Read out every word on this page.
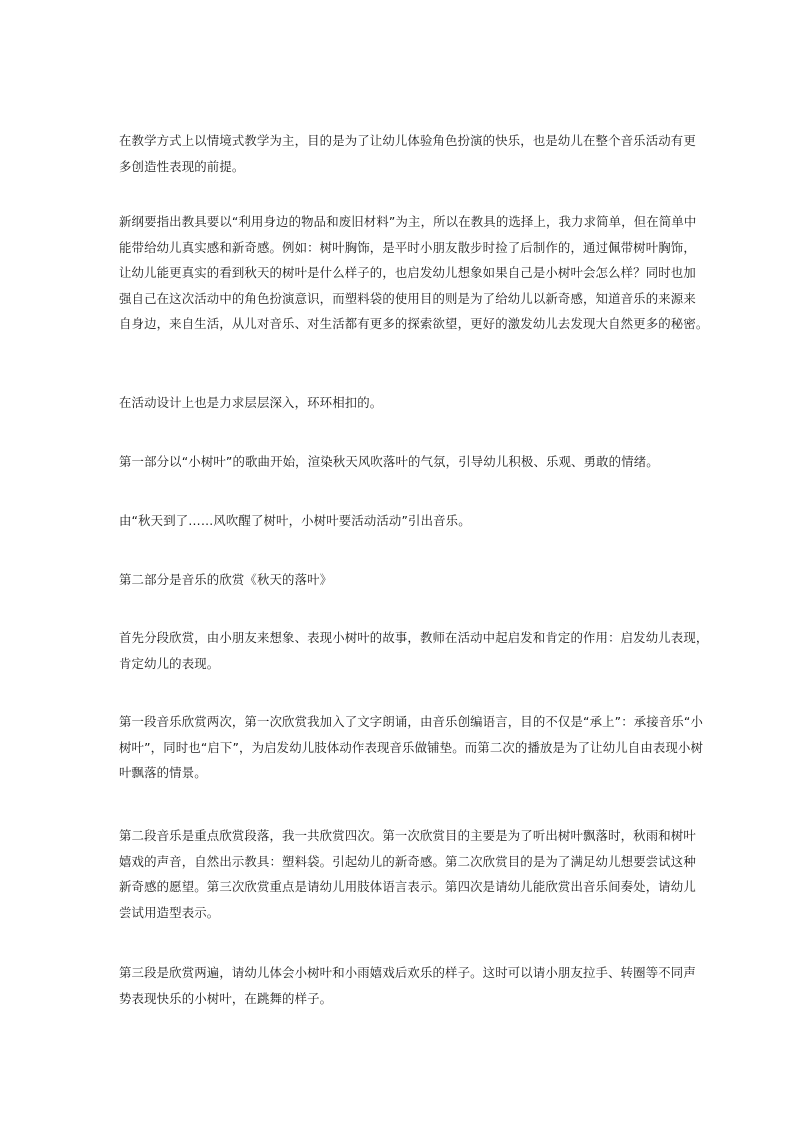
在教学方式上以情境式教学为主，目的是为了让幼儿体验角色扮演的快乐，也是幼儿在整个音乐活动有更
多创造性表现的前提。

新纲要指出教具要以“利用身边的物品和废旧材料”为主，所以在教具的选择上，我力求简单，但在简单中
能带给幼儿真实感和新奇感。例如：树叶胸饰，是平时小朋友散步时捡了后制作的，通过佩带树叶胸饰，
让幼儿能更真实的看到秋天的树叶是什么样子的，也启发幼儿想象如果自己是小树叶会怎么样？同时也加
强自己在这次活动中的角色扮演意识，而塑料袋的使用目的则是为了给幼儿以新奇感，知道音乐的来源来
自身边，来自生活，从儿对音乐、对生活都有更多的探索欲望，更好的激发幼儿去发现大自然更多的秘密。

在活动设计上也是力求层层深入，环环相扣的。

第一部分以“小树叶”的歌曲开始，渲染秋天风吹落叶的气氛，引导幼儿积极、乐观、勇敢的情绪。

由“秋天到了……风吹醒了树叶，小树叶要活动活动”引出音乐。

第二部分是音乐的欣赏《秋天的落叶》

首先分段欣赏，由小朋友来想象、表现小树叶的故事，教师在活动中起启发和肯定的作用：启发幼儿表现，
肯定幼儿的表现。

第一段音乐欣赏两次，第一次欣赏我加入了文字朗诵，由音乐创编语言，目的不仅是“承上”：承接音乐“小
树叶”，同时也“启下”，为启发幼儿肢体动作表现音乐做铺垫。而第二次的播放是为了让幼儿自由表现小树
叶飘落的情景。

第二段音乐是重点欣赏段落，我一共欣赏四次。第一次欣赏目的主要是为了听出树叶飘落时，秋雨和树叶
嬉戏的声音，自然出示教具：塑料袋。引起幼儿的新奇感。第二次欣赏目的是为了满足幼儿想要尝试这种
新奇感的愿望。第三次欣赏重点是请幼儿用肢体语言表示。第四次是请幼儿能欣赏出音乐间奏处，请幼儿
尝试用造型表示。

第三段是欣赏两遍，请幼儿体会小树叶和小雨嬉戏后欢乐的样子。这时可以请小朋友拉手、转圈等不同声
势表现快乐的小树叶，在跳舞的样子。
